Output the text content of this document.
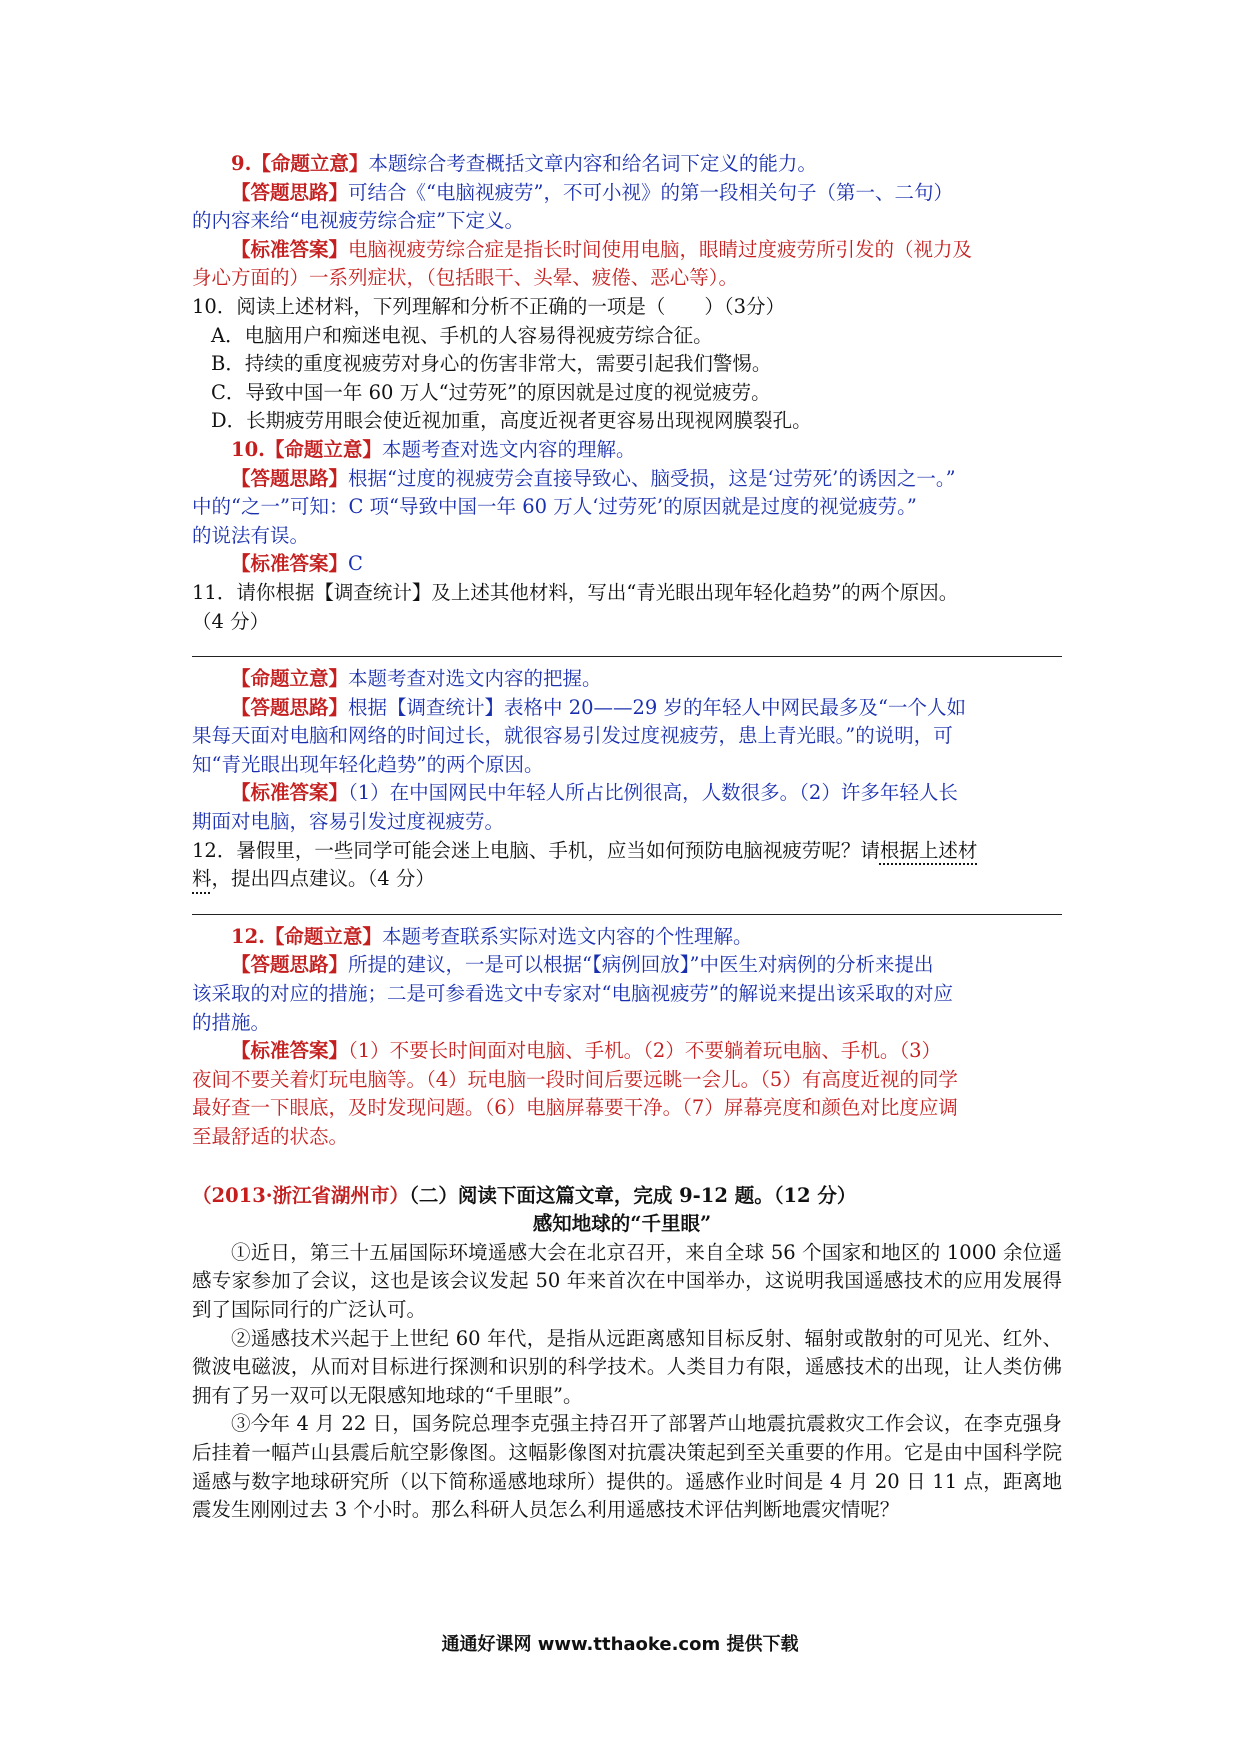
9.【命题立意】本题综合考查概括文章内容和给名词下定义的能力。

【答题思路】可结合《“电脑视疲劳”，不可小视》的第一段相关句子（第一、二句）

的内容来给“电视疲劳综合症”下定义。

【标准答案】电脑视疲劳综合症是指长时间使用电脑，眼睛过度疲劳所引发的（视力及

身心方面的）一系列症状，（包括眼干、头晕、疲倦、恶心等）。

10．阅读上述材料，下列理解和分析不正确的一项是（　　）（3分）

A．电脑用户和痴迷电视、手机的人容易得视疲劳综合征。

B．持续的重度视疲劳对身心的伤害非常大，需要引起我们警惕。

C．导致中国一年 60 万人“过劳死”的原因就是过度的视觉疲劳。

D．长期疲劳用眼会使近视加重，高度近视者更容易出现视网膜裂孔。

10.【命题立意】本题考查对选文内容的理解。

【答题思路】根据“过度的视疲劳会直接导致心、脑受损，这是‘过劳死’的诱因之一。”

中的“之一”可知：C 项“导致中国一年 60 万人‘过劳死’的原因就是过度的视觉疲劳。”

的说法有误。

【标准答案】C

11．请你根据【调查统计】及上述其他材料，写出“青光眼出现年轻化趋势”的两个原因。

（4 分）

【命题立意】本题考查对选文内容的把握。

【答题思路】根据【调查统计】表格中 20——29 岁的年轻人中网民最多及“一个人如

果每天面对电脑和网络的时间过长，就很容易引发过度视疲劳，患上青光眼。”的说明，可

知“青光眼出现年轻化趋势”的两个原因。

【标准答案】（1）在中国网民中年轻人所占比例很高，人数很多。（2）许多年轻人长

期面对电脑，容易引发过度视疲劳。

12．暑假里，一些同学可能会迷上电脑、手机，应当如何预防电脑视疲劳呢？请根据上述材

料，提出四点建议。（4 分）

12.【命题立意】本题考查联系实际对选文内容的个性理解。

【答题思路】所提的建议，一是可以根据“【病例回放】”中医生对病例的分析来提出

该采取的对应的措施；二是可参看选文中专家对“电脑视疲劳”的解说来提出该采取的对应

的措施。

【标准答案】（1）不要长时间面对电脑、手机。（2）不要躺着玩电脑、手机。（3）

夜间不要关着灯玩电脑等。（4）玩电脑一段时间后要远眺一会儿。（5）有高度近视的同学

最好查一下眼底，及时发现问题。（6）电脑屏幕要干净。（7）屏幕亮度和颜色对比度应调

至最舒适的状态。

（2013·浙江省湖州市）（二）阅读下面这篇文章，完成 9-12 题。（12 分）

感知地球的“千里眼”

①近日，第三十五届国际环境遥感大会在北京召开，来自全球 56 个国家和地区的 1000 余位遥感专家参加了会议，这也是该会议发起 50 年来首次在中国举办，这说明我国遥感技术的应用发展得到了国际同行的广泛认可。

②遥感技术兴起于上世纪 60 年代，是指从远距离感知目标反射、辐射或散射的可见光、红外、微波电磁波，从而对目标进行探测和识别的科学技术。人类目力有限，遥感技术的出现，让人类仿佛拥有了另一双可以无限感知地球的“千里眼”。

③今年 4 月 22 日，国务院总理李克强主持召开了部署芦山地震抗震救灾工作会议，在李克强身后挂着一幅芦山县震后航空影像图。这幅影像图对抗震决策起到至关重要的作用。它是由中国科学院遥感与数字地球研究所（以下简称遥感地球所）提供的。遥感作业时间是 4 月 20 日 11 点，距离地震发生刚刚过去 3 个小时。那么科研人员怎么利用遥感技术评估判断地震灾情呢？

通通好课网 www.tthaoke.com 提供下载
